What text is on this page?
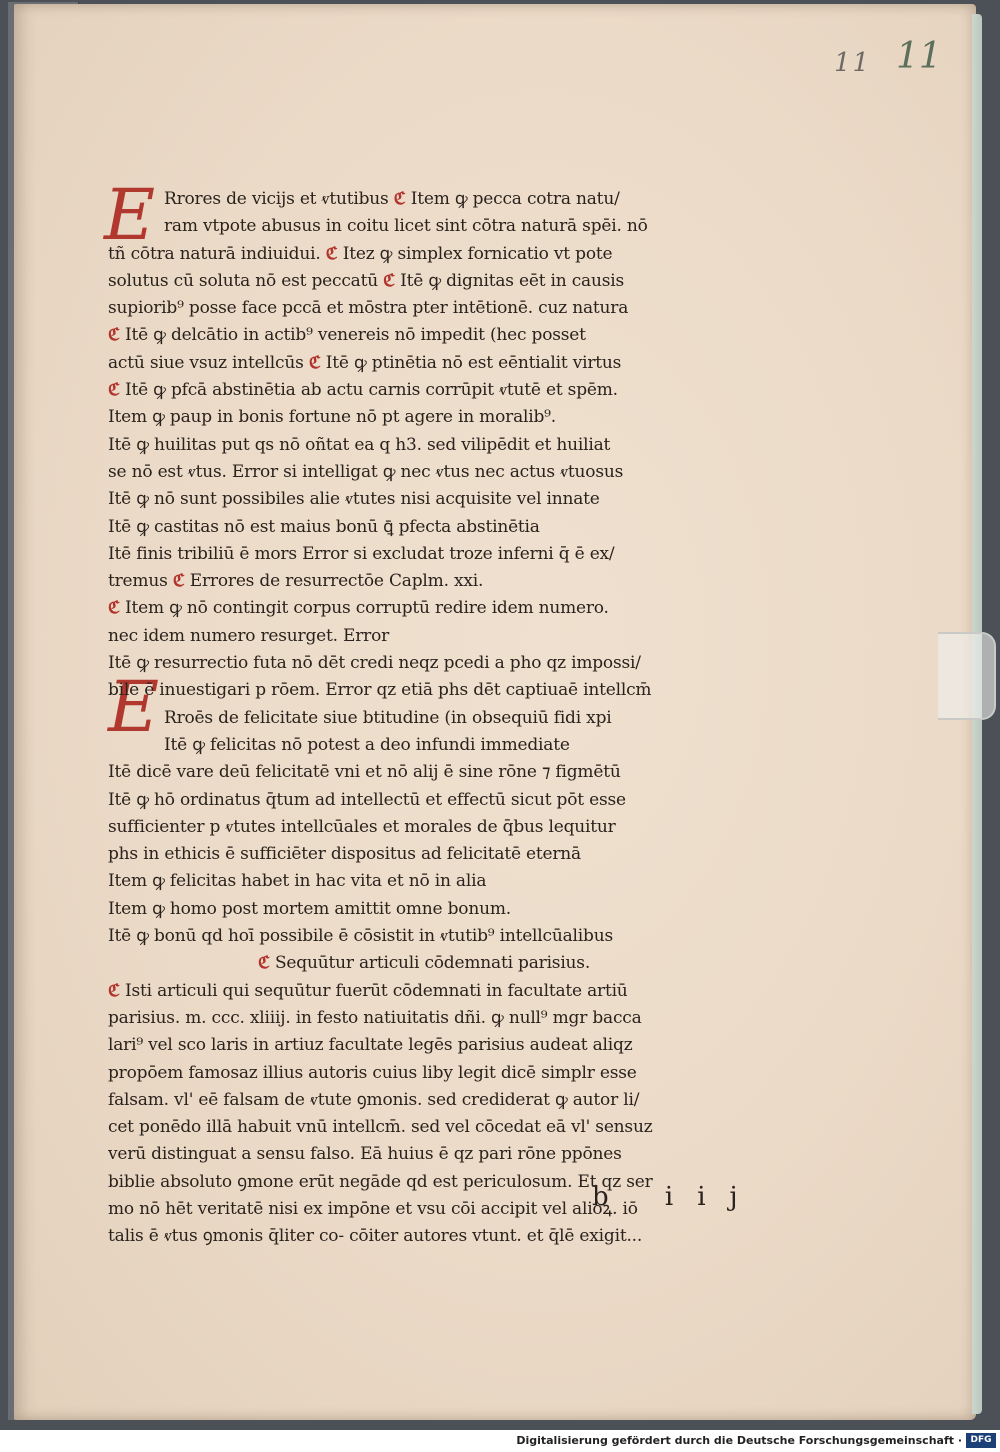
11 11
E
E
Rrores de vicijs et ⱴtutibus ℭ Item ꝙ pecca cotra natu/
ram vtpote abusus in coitu licet sint cōtra naturā spēi. nō
tñ cōtra naturā indiuidui. ℭ Itez ꝙ simplex fornicatio vt pote
solutus cū soluta nō est peccatū ℭ Itē ꝙ dignitas eēt in causis
supiorib⁹ posse face pccā et mōstra pter intētionē. cuz natura
ℭ Itē ꝙ delcātio in actib⁹ venereis nō impedit (hec posset
actū siue vsuz intellcūs ℭ Itē ꝙ ptinētia nō est eēntialit virtus
ℭ Itē ꝙ pfcā abstinētia ab actu carnis corrūpit ⱴtutē et spēm.
Item ꝙ paup in bonis fortune nō pt agere in moralib⁹.
Itē ꝙ huilitas put qs nō oñtat ea q h3. sed vilipēdit et huiliat
se nō est ⱴtus. Error si intelligat ꝙ nec ⱴtus nec actus ⱴtuosus
Itē ꝙ nō sunt possibiles alie ⱴtutes nisi acquisite vel innate
Itē ꝙ castitas nō est maius bonū ꝗ̄ pfecta abstinētia
Itē finis tribiliū ē mors Error si excludat troze inferni q̄ ē ex/
tremus ℭ Errores de resurrectōe Caplm. xxi.
ℭ Item ꝙ nō contingit corpus corruptū redire idem numero.
nec idem numero resurget. Error
Itē ꝙ resurrectio futa nō dēt credi neqz pcedi a pho qz impossi/
bile ē inuestigari p rōem. Error qz etiā phs dēt captiuaē intellcm̄
Rroēs de felicitate siue btitudine (in obsequiū fidi xpi
Itē ꝙ felicitas nō potest a deo infundi immediate
Itē dicē vare deū felicitatē vni et nō alij ē sine rōne ⁊ figmētū
Itē ꝙ hō ordinatus q̄tum ad intellectū et effectū sicut pōt esse
sufficienter p ⱴtutes intellcūales et morales de q̄bus lequitur
phs in ethicis ē sufficiēter dispositus ad felicitatē eternā
Item ꝙ felicitas habet in hac vita et nō in alia
Item ꝙ homo post mortem amittit omne bonum.
Itē ꝙ bonū qd hoī possibile ē cōsistit in ⱴtutib⁹ intellcūalibus
ℭ Sequūtur articuli cōdemnati parisius.
ℭ Isti articuli qui sequūtur fuerūt cōdemnati in facultate artiū
parisius. m. ccc. xliiij. in festo natiuitatis dñi. ꝙ null⁹ mgr bacca
lari⁹ vel sco laris in artiuz facultate legēs parisius audeat aliqz
propōem famosaz illius autoris cuius liby legit dicē simplr esse
falsam. vl' eē falsam de ⱴtute ꝯmonis. sed crediderat ꝙ autor li/
cet ponēdo illā habuit vnū intellcm̄. sed vel cōcedat eā vl' sensuz
verū distinguat a sensu falso. Eā huius ē qz pari rōne ppōnes
biblie absoluto ꝯmone erūt negāde qd est periculosum. Et qz ser
mo nō hēt veritatē nisi ex impōne et vsu cōi accipit vel alioꝝ. iō
talis ē ⱴtus ꝯmonis q̄liter co- cōiter autores vtunt. et q̄lē exigit...
b iij
Digitalisierung gefördert durch die Deutsche Forschungsgemeinschaft · DFG
